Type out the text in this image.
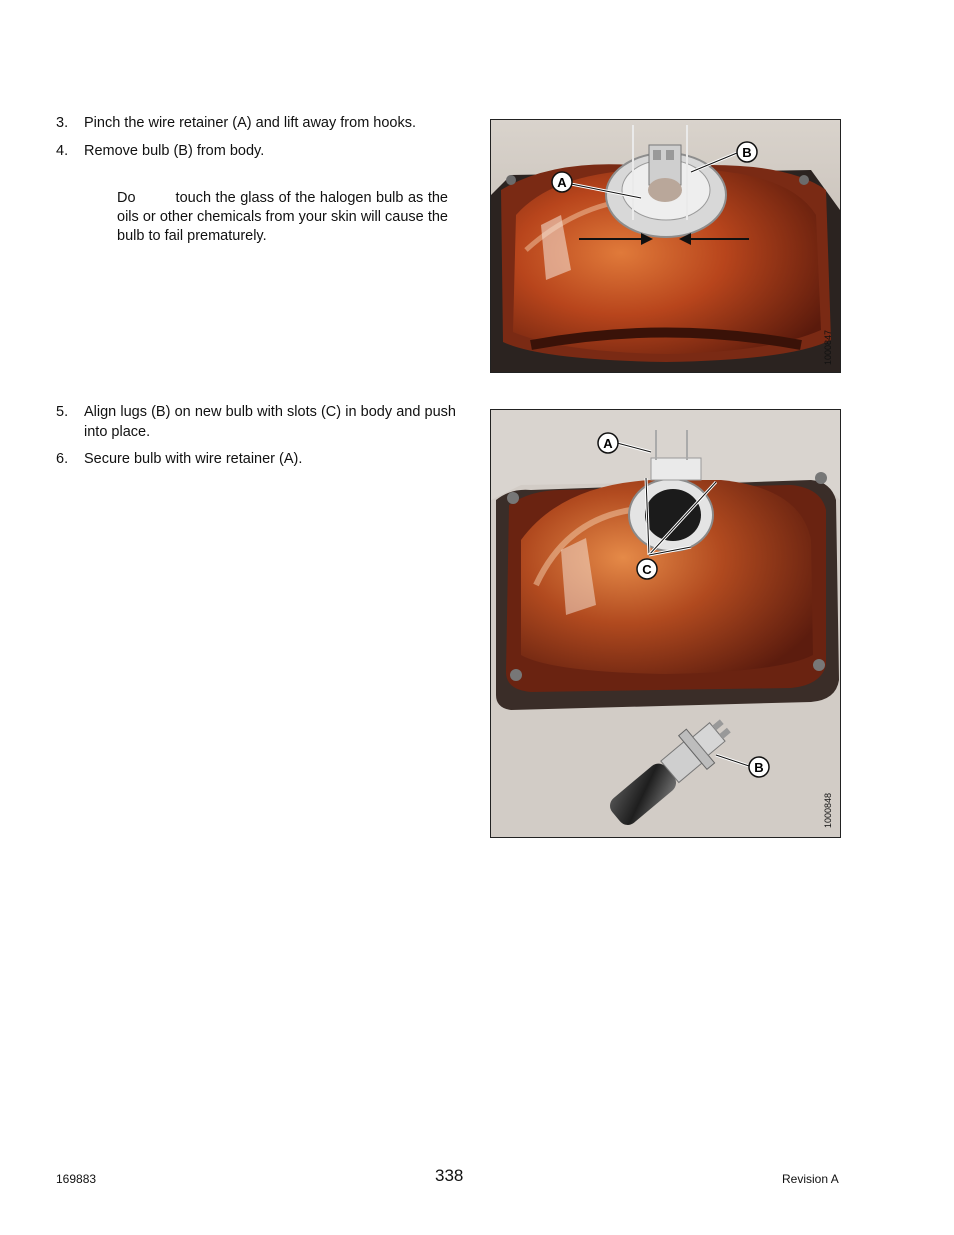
3. Pinch the wire retainer (A) and lift away from hooks.
4. Remove bulb (B) from body.
Do	touch the glass of the halogen bulb as the oils or other chemicals from your skin will cause the bulb to fail prematurely.
A
B
1000847
5. Align lugs (B) on new bulb with slots (C) in body and push into place.
6. Secure bulb with wire retainer (A).
A
C
B
1000848
169883	338	Revision A
